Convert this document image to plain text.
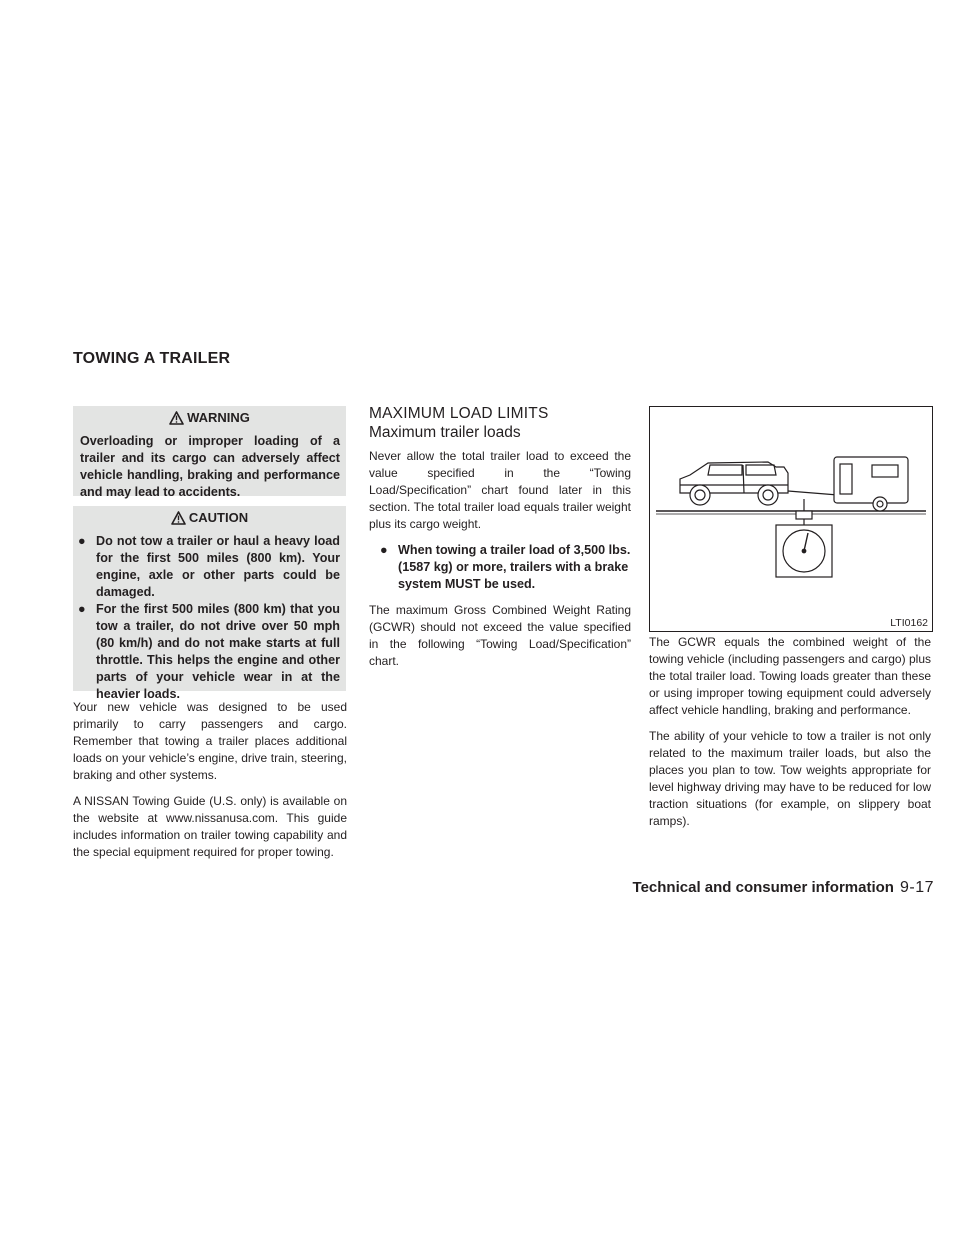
TOWING A TRAILER
WARNING
Overloading or improper loading of a trailer and its cargo can adversely affect vehicle handling, braking and performance and may lead to accidents.
CAUTION
● Do not tow a trailer or haul a heavy load for the first 500 miles (800 km). Your engine, axle or other parts could be damaged.
● For the first 500 miles (800 km) that you tow a trailer, do not drive over 50 mph (80 km/h) and do not make starts at full throttle. This helps the engine and other parts of your vehicle wear in at the heavier loads.

Your new vehicle was designed to be used primarily to carry passengers and cargo. Remember that towing a trailer places additional loads on your vehicle’s engine, drive train, steering, braking and other systems.

A NISSAN Towing Guide (U.S. only) is available on the website at www.nissanusa.com. This guide includes information on trailer towing capability and the special equipment required for proper towing.

MAXIMUM LOAD LIMITS
Maximum trailer loads

Never allow the total trailer load to exceed the value specified in the “Towing Load/Specification” chart found later in this section. The total trailer load equals trailer weight plus its cargo weight.

● When towing a trailer load of 3,500 lbs. (1587 kg) or more, trailers with a brake system MUST be used.

The maximum Gross Combined Weight Rating (GCWR) should not exceed the value specified in the following “Towing Load/Specification” chart.

LTI0162

The GCWR equals the combined weight of the towing vehicle (including passengers and cargo) plus the total trailer load. Towing loads greater than these or using improper towing equipment could adversely affect vehicle handling, braking and performance.

The ability of your vehicle to tow a trailer is not only related to the maximum trailer loads, but also the places you plan to tow. Tow weights appropriate for level highway driving may have to be reduced for low traction situations (for example, on slippery boat ramps).

Technical and consumer information 9-17
